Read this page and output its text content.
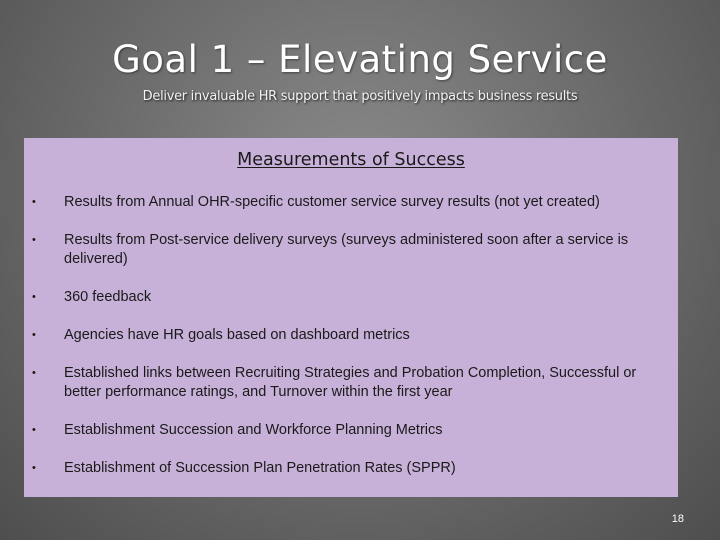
Goal 1 – Elevating Service
Deliver invaluable HR support that positively impacts business results
Measurements of Success
• Results from Annual OHR-specific customer service survey results (not yet created)
• Results from Post-service delivery surveys (surveys administered soon after a service is delivered)
• 360 feedback
• Agencies have HR goals based on dashboard metrics
• Established links between Recruiting Strategies and Probation Completion, Successful or better performance ratings, and Turnover within the first year
• Establishment Succession and Workforce Planning Metrics
• Establishment of Succession Plan Penetration Rates (SPPR)
18
